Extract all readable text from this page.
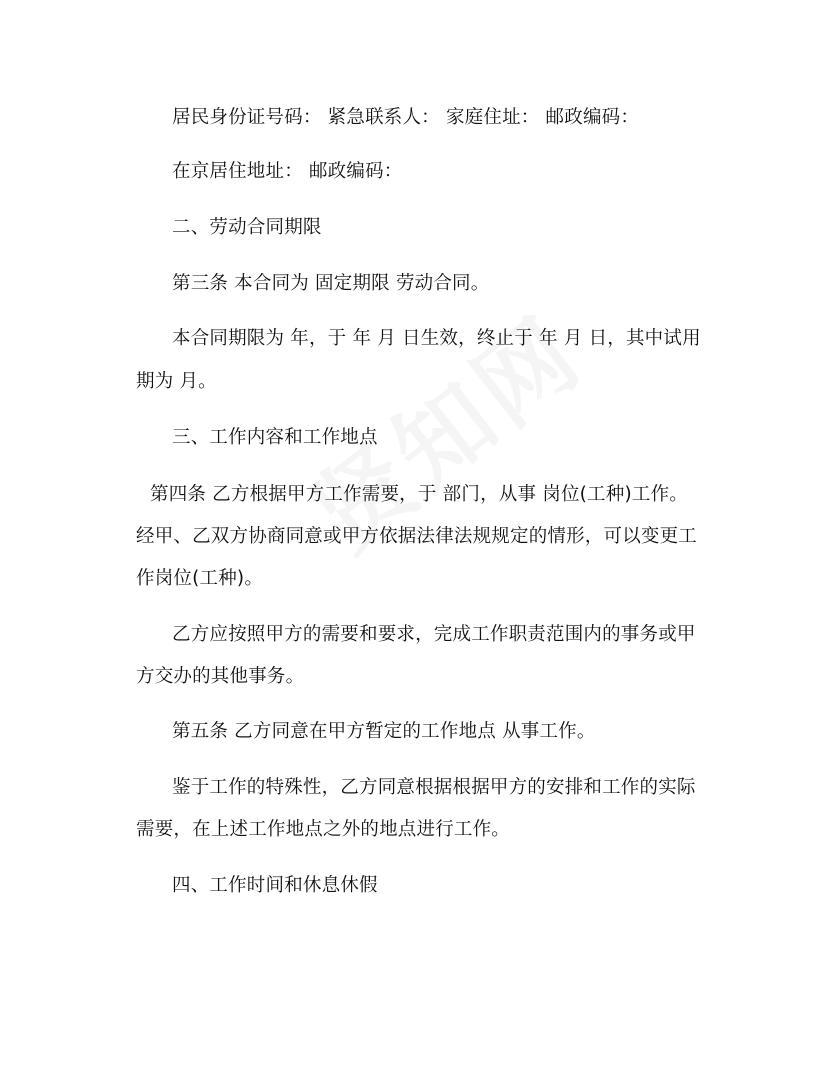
居民身份证号码： 紧急联系人： 家庭住址： 邮政编码：

在京居住地址： 邮政编码：

二、劳动合同期限

第三条 本合同为 固定期限 劳动合同。

本合同期限为 年，于 年 月 日生效，终止于 年 月 日，其中试用

期为 月。

三、工作内容和工作地点

第四条 乙方根据甲方工作需要，于 部门，从事 岗位(工种)工作。

经甲、乙双方协商同意或甲方依据法律法规规定的情形，可以变更工

作岗位(工种)。

乙方应按照甲方的需要和要求，完成工作职责范围内的事务或甲

方交办的其他事务。

第五条 乙方同意在甲方暂定的工作地点 从事工作。

鉴于工作的特殊性，乙方同意根据根据甲方的安排和工作的实际

需要，在上述工作地点之外的地点进行工作。

四、工作时间和休息休假
